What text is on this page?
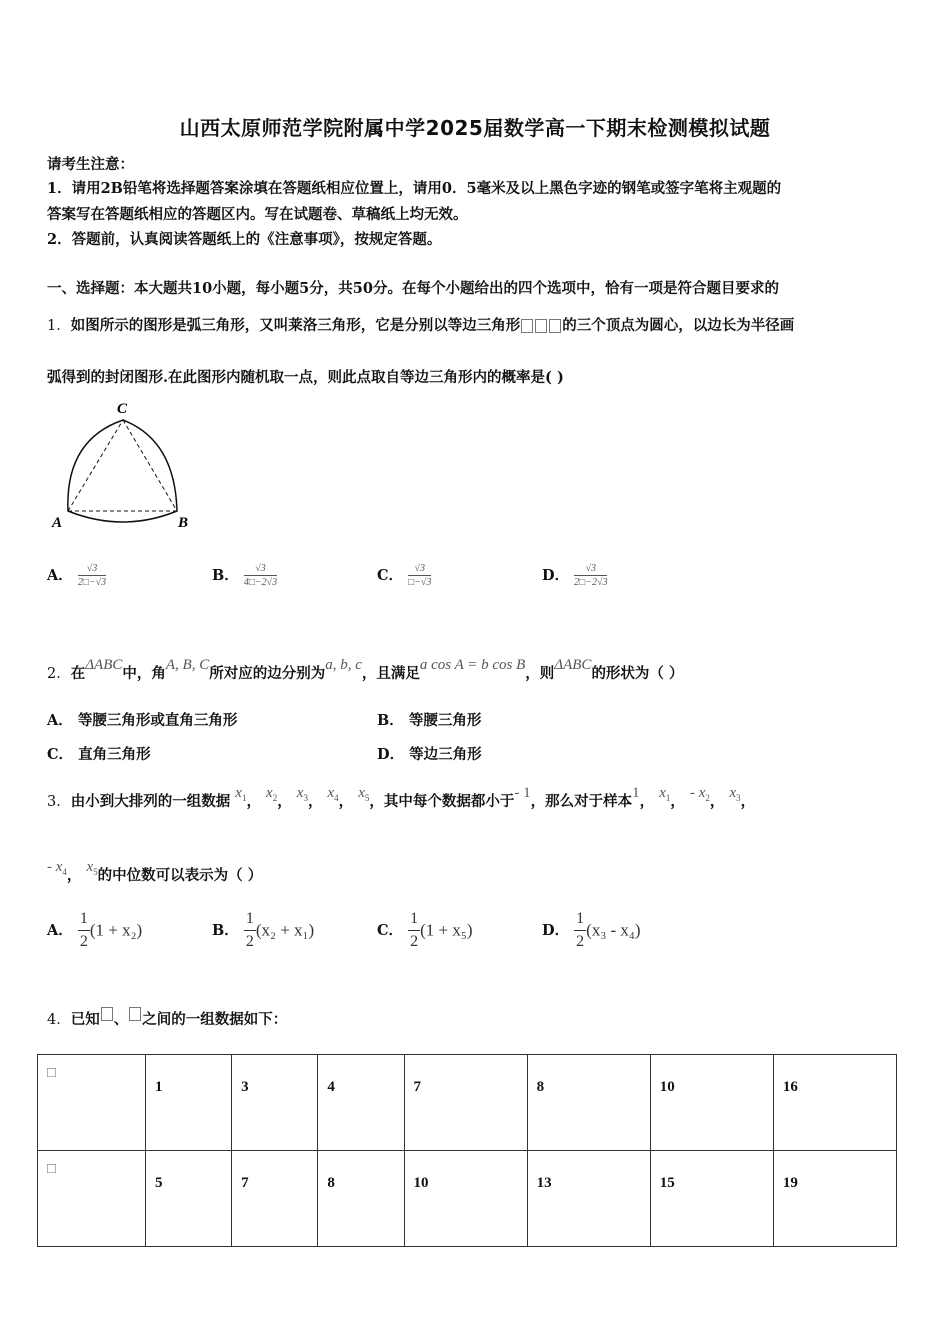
山西太原师范学院附属中学2025届数学高一下期末检测模拟试题
请考生注意：
1．请用2B铅笔将选择题答案涂填在答题纸相应位置上，请用0．5毫米及以上黑色字迹的钢笔或签字笔将主观题的
答案写在答题纸相应的答题区内。写在试题卷、草稿纸上均无效。
2．答题前，认真阅读答题纸上的《注意事项》，按规定答题。
一、选择题：本大题共10小题，每小题5分，共50分。在每个小题给出的四个选项中，恰有一项是符合题目要求的
1．如图所示的图形是弧三角形，又叫莱洛三角形，它是分别以等边三角形	的三个顶点为圆心，以边长为半径画
弧得到的封闭图形.在此图形内随机取一点，则此点取自等边三角形内的概率是( )
C
A	B
A． $\frac{√3}{2□-√3}$	B． $\frac{√3}{4□-2√3}$	C． $\frac{√3}{□-√3}$	D． $\frac{√3}{2□-2√3}$
2．在ΔABC中，角A, B, C所对应的边分别为a, b, c，且满足a cos A = b cos B，则ΔABC的形状为（ ）
A． 等腰三角形或直角三角形	B． 等腰三角形
C． 直角三角形	D． 等边三角形
3．由小到大排列的一组数据 $x_1$， $x_2$， $x_3$， $x_4$， $x_5$，其中每个数据都小于- 1，那么对于样本1， $x_1$， - $x_2$， $x_3$，
- $x_4$， $x_5$的中位数可以表示为（ ）
A． $\frac{1}{2} (1 + x_2)$	B． $\frac{1}{2} (x_2 + x_1)$	C． $\frac{1}{2} (1 + x_5)$	D． $\frac{1}{2} (x_3 - x_4)$
4．已知 、 之间的一组数据如下：
□	1	3	4	7	8	10	16
□	5	7	8	10	13	15	19
